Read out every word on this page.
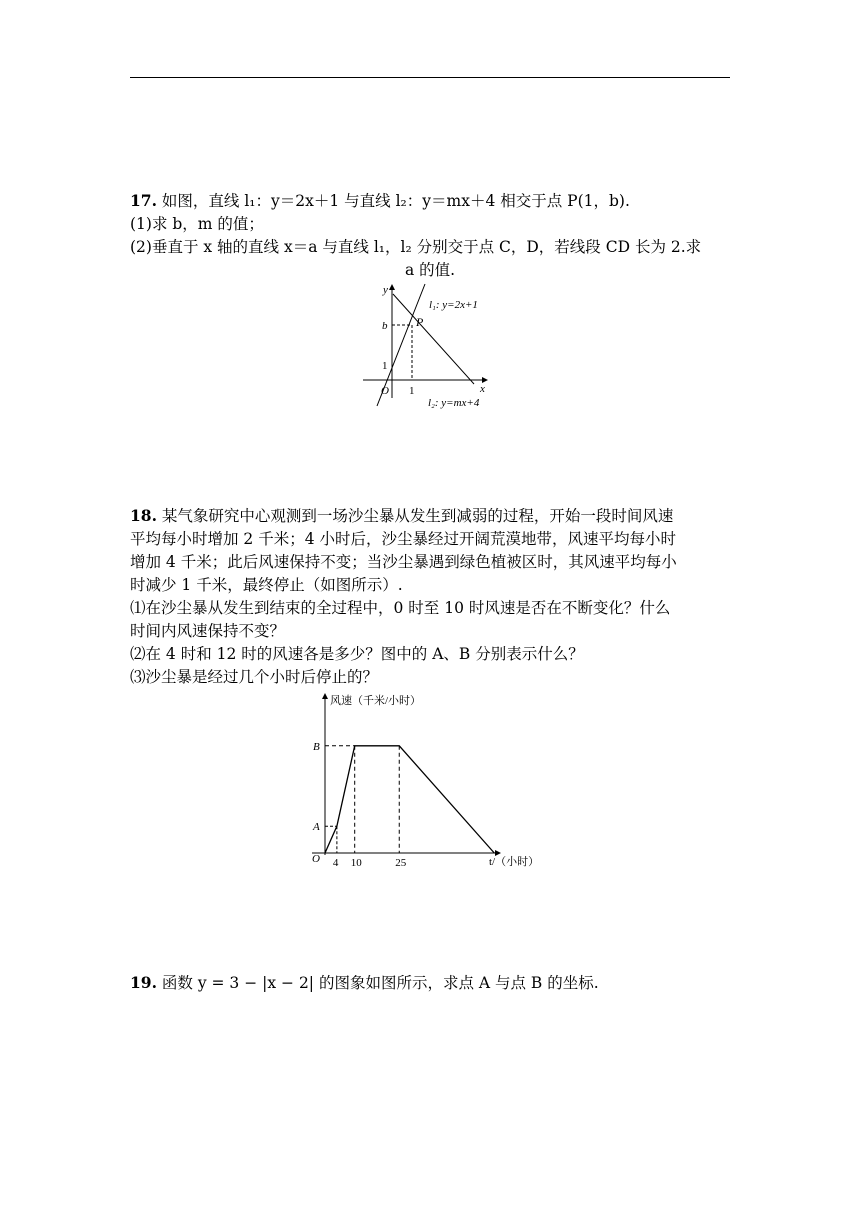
17. 如图，直线 l₁：y＝2x＋1 与直线 l₂：y＝mx＋4 相交于点 P(1，b).
(1)求 b，m 的值；
(2)垂直于 x 轴的直线 x＝a 与直线 l₁，l₂ 分别交于点 C，D，若线段 CD 长为 2.求
a 的值.
y
x
O 1
1
b P
l₁: y=2x+1
l₂: y=mx+4
18. 某气象研究中心观测到一场沙尘暴从发生到减弱的过程，开始一段时间风速
平均每小时增加 2 千米；4 小时后，沙尘暴经过开阔荒漠地带，风速平均每小时
增加 4 千米；此后风速保持不变；当沙尘暴遇到绿色植被区时，其风速平均每小
时减少 1 千米，最终停止（如图所示）.
⑴在沙尘暴从发生到结束的全过程中，0 时至 10 时风速是否在不断变化？什么
时间内风速保持不变？
⑵在 4 时和 12 时的风速各是多少？图中的 A、B 分别表示什么？
⑶沙尘暴是经过几个小时后停止的？
风速（千米/小时）
t/（小时）
O 4 10	25
A
B
19. 函数 y = 3 − |x − 2| 的图象如图所示，求点 A 与点 B 的坐标.
